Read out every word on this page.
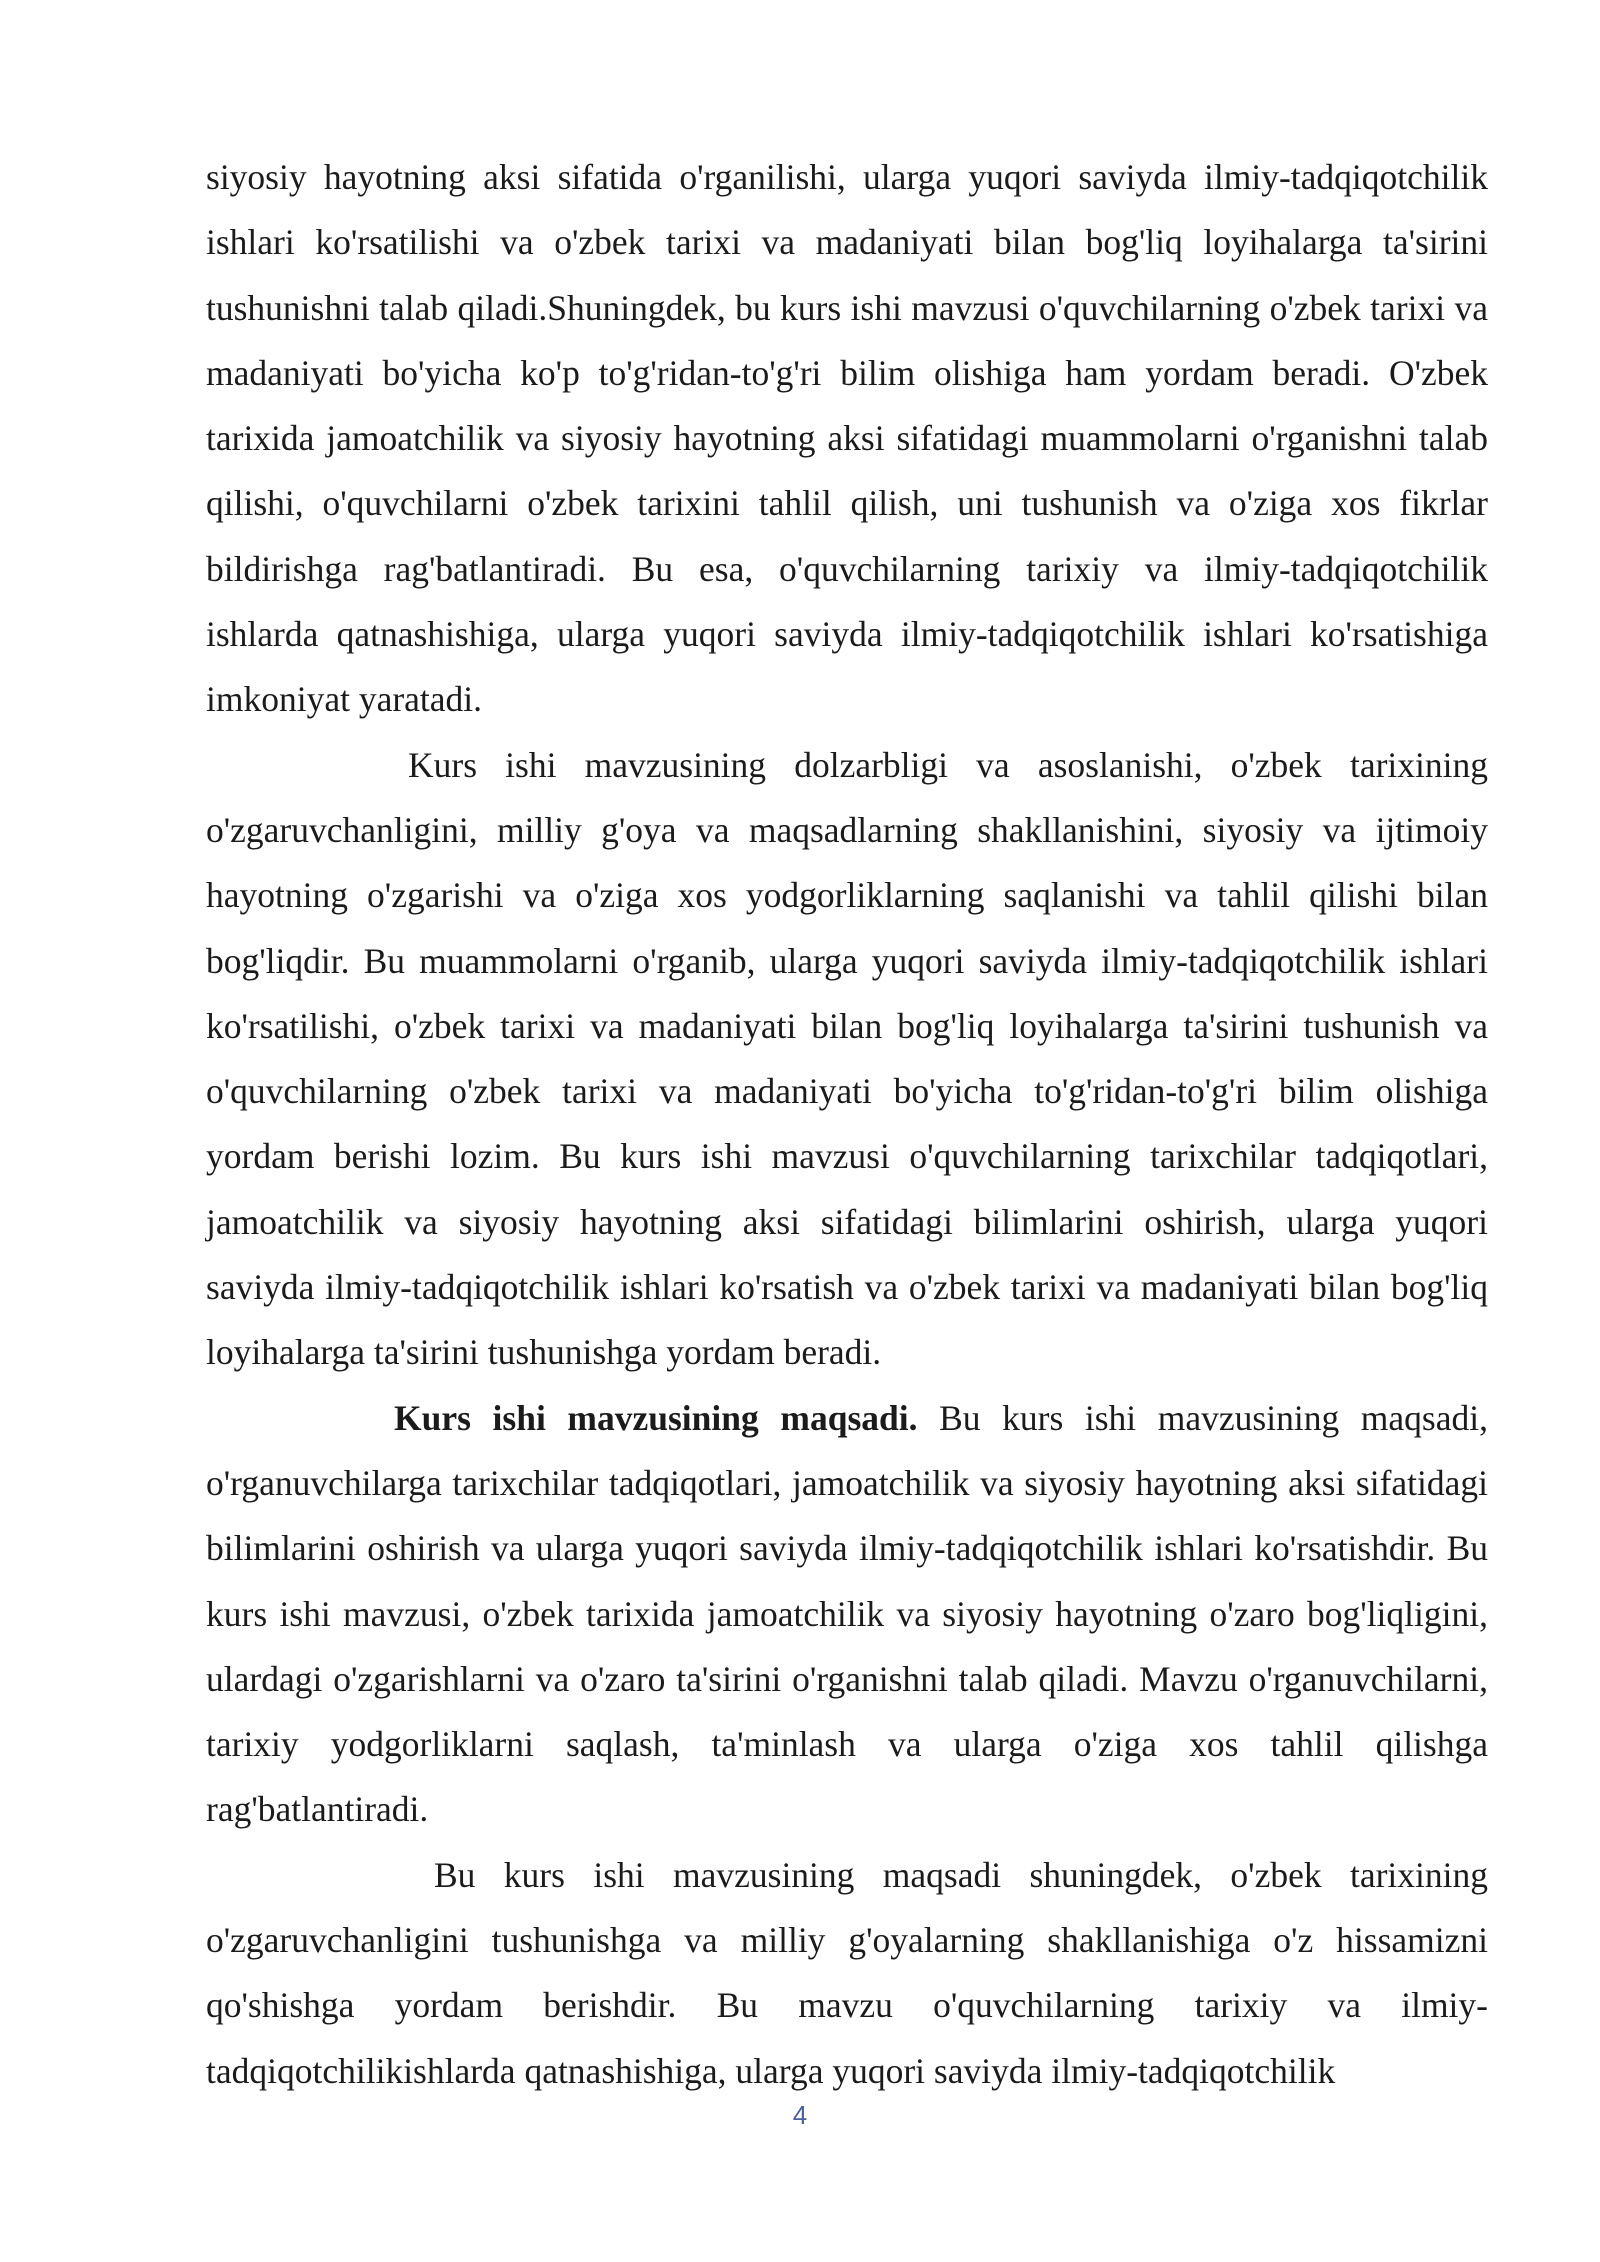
siyosiy hayotning aksi sifatida o'rganilishi, ularga yuqori saviyda ilmiy-tadqiqotchilik ishlari ko'rsatilishi va o'zbek tarixi va madaniyati bilan bog'liq loyihalarga ta'sirini tushunishni talab qiladi.Shuningdek, bu kurs ishi mavzusi o'quvchilarning o'zbek tarixi va madaniyati bo'yicha ko'p to'g'ridan-to'g'ri bilim olishiga ham yordam beradi. O'zbek tarixida jamoatchilik va siyosiy hayotning aksi sifatidagi muammolarni o'rganishni talab qilishi, o'quvchilarni o'zbek tarixini tahlil qilish, uni tushunish va o'ziga xos fikrlar bildirishga rag'batlantiradi. Bu esa, o'quvchilarning tarixiy va ilmiy-tadqiqotchilik ishlarda qatnashishiga, ularga yuqori saviyda ilmiy-tadqiqotchilik ishlari ko'rsatishiga imkoniyat yaratadi.

Kurs ishi mavzusining dolzarbligi va asoslanishi, o'zbek tarixining o'zgaruvchanligini, milliy g'oya va maqsadlarning shakllanishini, siyosiy va ijtimoiy hayotning o'zgarishi va o'ziga xos yodgorliklarning saqlanishi va tahlil qilishi bilan bog'liqdir. Bu muammolarni o'rganib, ularga yuqori saviyda ilmiy-tadqiqotchilik ishlari ko'rsatilishi, o'zbek tarixi va madaniyati bilan bog'liq loyihalarga ta'sirini tushunish va o'quvchilarning o'zbek tarixi va madaniyati bo'yicha to'g'ridan-to'g'ri bilim olishiga yordam berishi lozim. Bu kurs ishi mavzusi o'quvchilarning tarixchilar tadqiqotlari, jamoatchilik va siyosiy hayotning aksi sifatidagi bilimlarini oshirish, ularga yuqori saviyda ilmiy-tadqiqotchilik ishlari ko'rsatish va o'zbek tarixi va madaniyati bilan bog'liq loyihalarga ta'sirini tushunishga yordam beradi.

Kurs ishi mavzusining maqsadi. Bu kurs ishi mavzusining maqsadi, o'rganuvchilarga tarixchilar tadqiqotlari, jamoatchilik va siyosiy hayotning aksi sifatidagi bilimlarini oshirish va ularga yuqori saviyda ilmiy-tadqiqotchilik ishlari ko'rsatishdir. Bu kurs ishi mavzusi, o'zbek tarixida jamoatchilik va siyosiy hayotning o'zaro bog'liqligini, ulardagi o'zgarishlarni va o'zaro ta'sirini o'rganishni talab qiladi. Mavzu o'rganuvchilarni, tarixiy yodgorliklarni saqlash, ta'minlash va ularga o'ziga xos tahlil qilishga rag'batlantiradi.

Bu kurs ishi mavzusining maqsadi shuningdek, o'zbek tarixining o'zgaruvchanligini tushunishga va milliy g'oyalarning shakllanishiga o'z hissamizni qo'shishga yordam berishdir. Bu mavzu o'quvchilarning tarixiy va ilmiy-tadqiqotchilikishlarda qatnashishiga, ularga yuqori saviyda ilmiy-tadqiqotchilik

4
